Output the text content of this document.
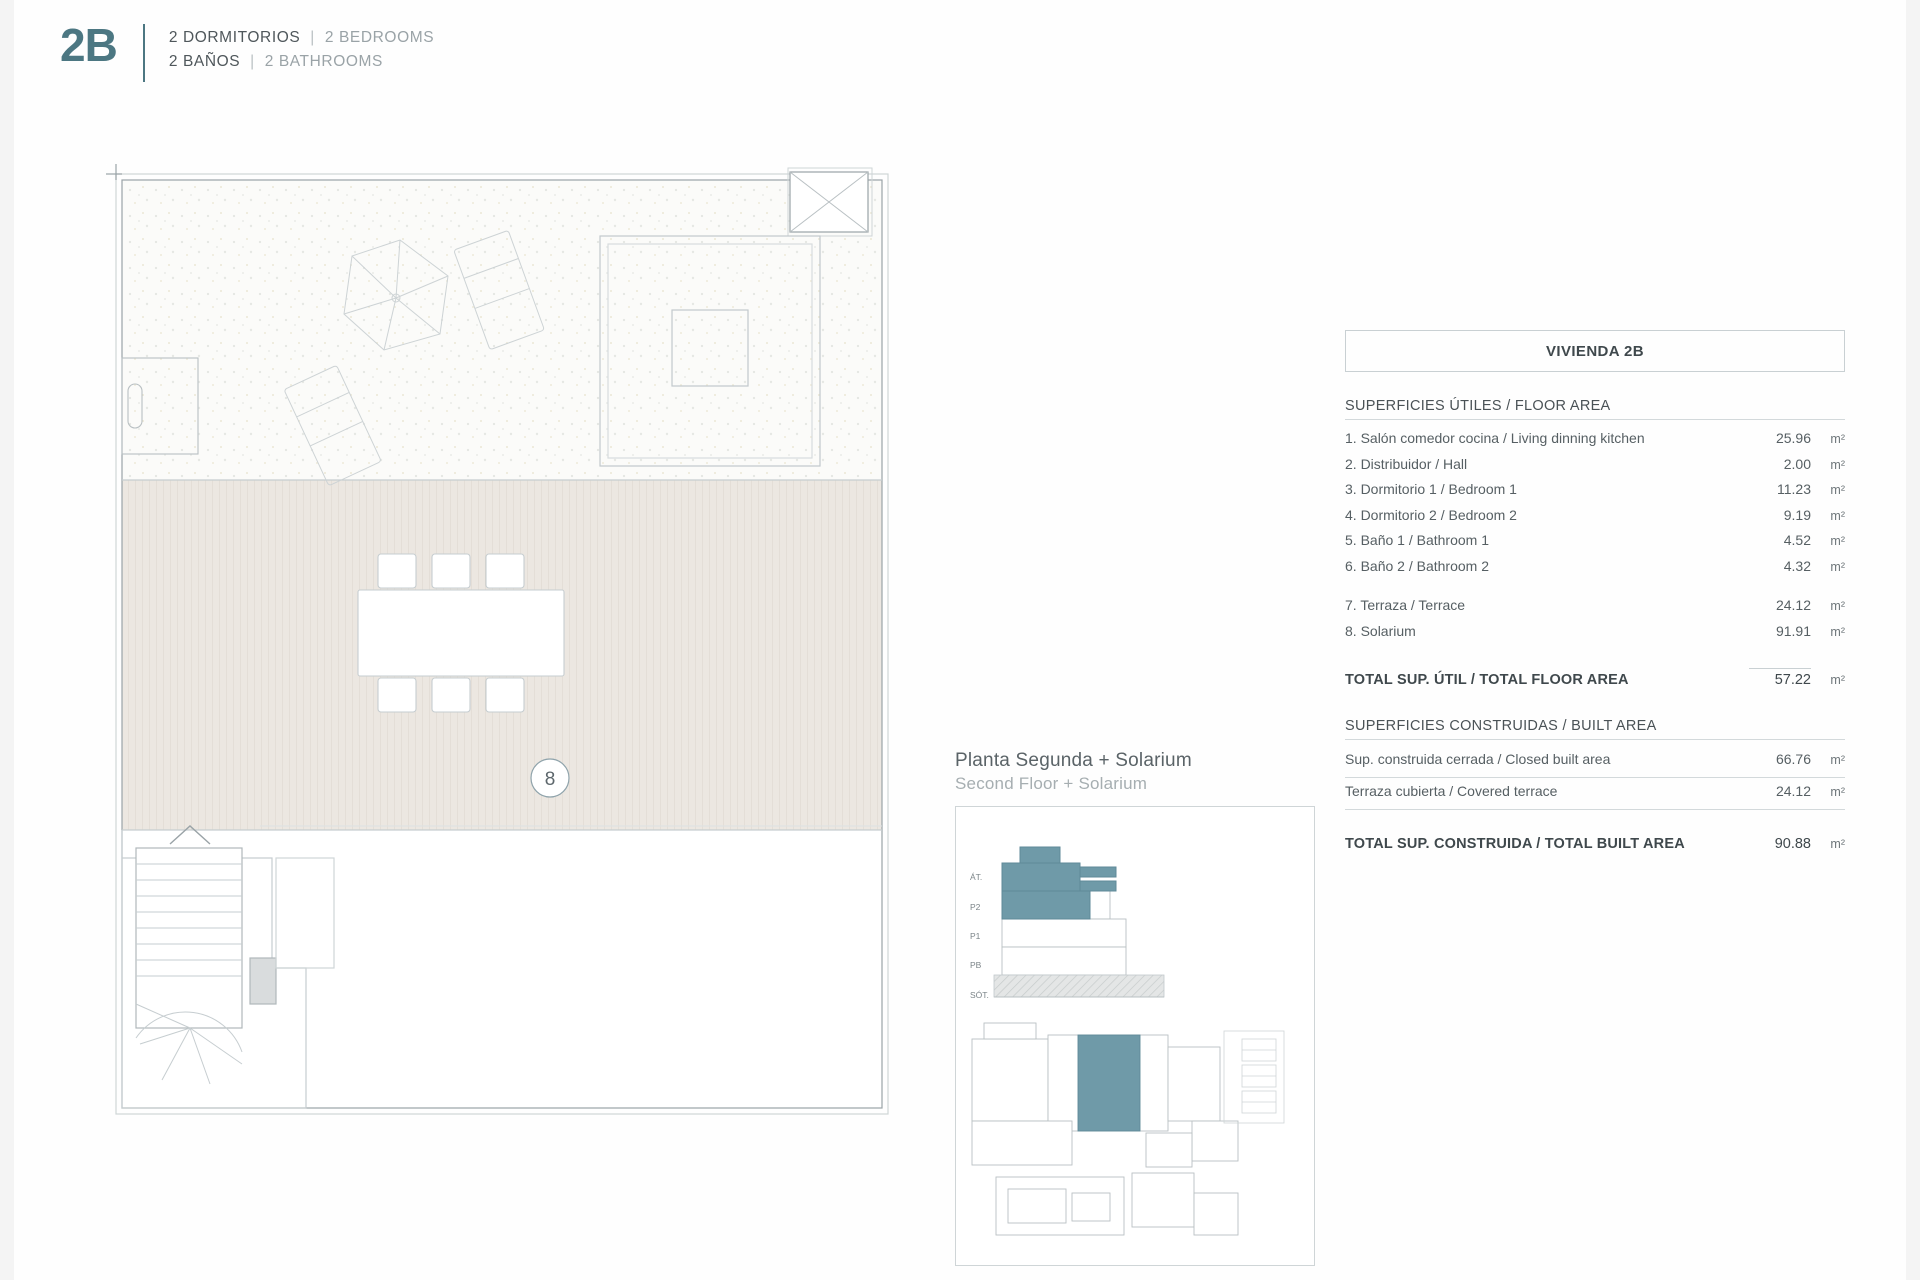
2B	2 DORMITORIOS | 2 BEDROOMS
2 BAÑOS | 2 BATHROOMS
8
Planta Segunda + Solarium
Second Floor + Solarium
ÁT.
P2
P1
PB
SÓT.
VIVIENDA 2B
SUPERFICIES ÚTILES / FLOOR AREA
1. Salón comedor cocina / Living dinning kitchen	25.96	m²
2. Distribuidor / Hall	2.00	m²
3. Dormitorio 1 / Bedroom 1	11.23	m²
4. Dormitorio 2 / Bedroom 2	9.19	m²
5. Baño 1 / Bathroom 1	4.52	m²
6. Baño 2 / Bathroom 2	4.32	m²
7. Terraza / Terrace	24.12	m²
8. Solarium	91.91	m²
TOTAL SUP. ÚTIL / TOTAL FLOOR AREA	57.22	m²
SUPERFICIES CONSTRUIDAS / BUILT AREA
Sup. construida cerrada / Closed built area	66.76	m²
Terraza cubierta / Covered terrace	24.12	m²
TOTAL SUP. CONSTRUIDA / TOTAL BUILT AREA	90.88	m²
